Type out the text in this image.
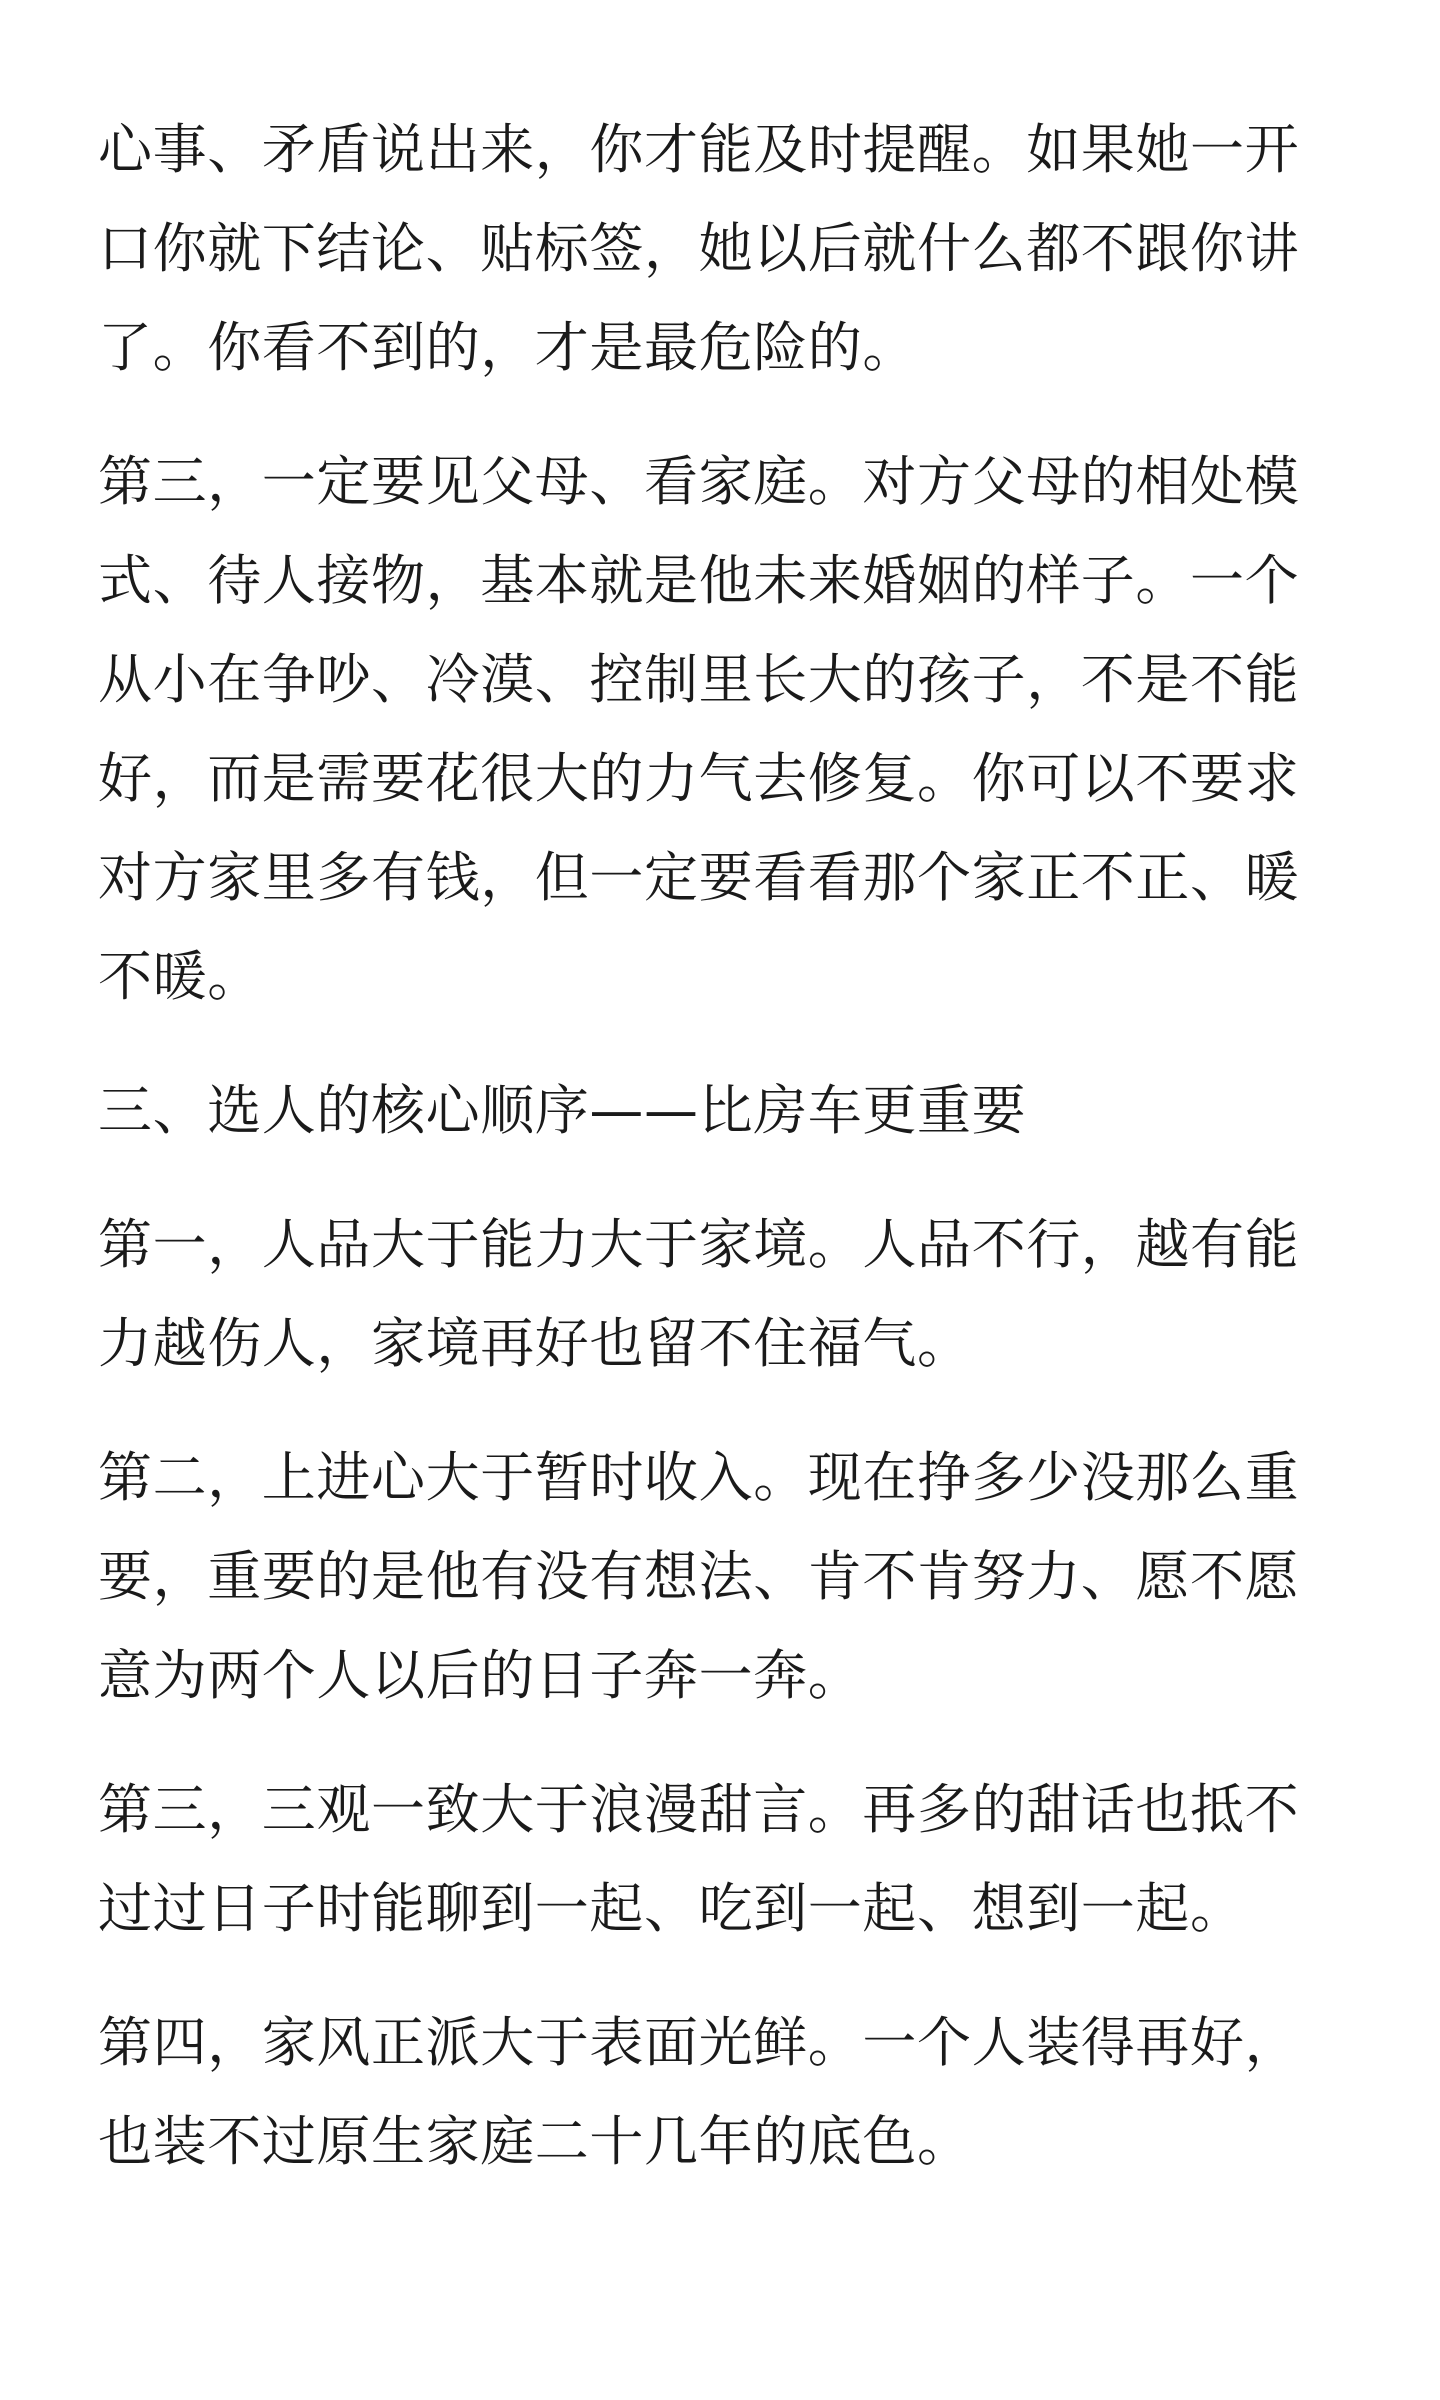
心事、矛盾说出来，你才能及时提醒。如果她一开
口你就下结论、贴标签，她以后就什么都不跟你讲
了。你看不到的，才是最危险的。
第三，一定要见父母、看家庭。对方父母的相处模
式、待人接物，基本就是他未来婚姻的样子。一个
从小在争吵、冷漠、控制里长大的孩子，不是不能
好，而是需要花很大的力气去修复。你可以不要求
对方家里多有钱，但一定要看看那个家正不正、暖
不暖。
三、选人的核心顺序——比房车更重要
第一，人品大于能力大于家境。人品不行，越有能
力越伤人，家境再好也留不住福气。
第二，上进心大于暂时收入。现在挣多少没那么重
要，重要的是他有没有想法、肯不肯努力、愿不愿
意为两个人以后的日子奔一奔。
第三，三观一致大于浪漫甜言。再多的甜话也抵不
过过日子时能聊到一起、吃到一起、想到一起。
第四，家风正派大于表面光鲜。一个人装得再好，
也装不过原生家庭二十几年的底色。
